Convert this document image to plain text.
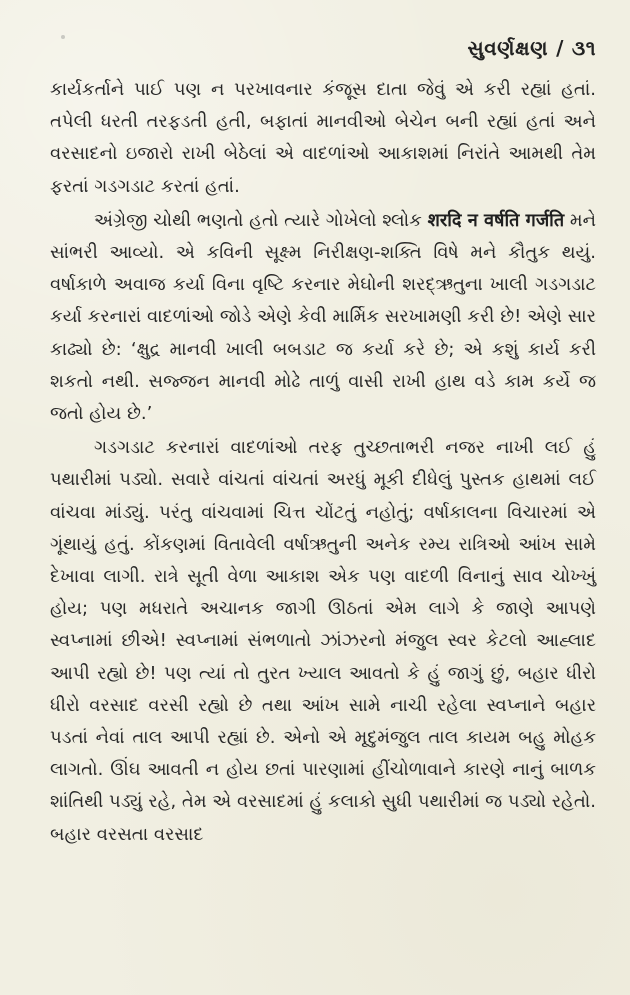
સુવર્ણક્ષણ / ૩૧

કાર્યકર્તાને પાઈ પણ ન પરખાવનાર કંજૂસ દાતા જેવું એ કરી રહ્યાં હતાં. તપેલી ધરતી તરફડતી હતી, બફાતાં માનવીઓ બેચેન બની રહ્યાં હતાં અને વરસાદનો ઇજારો રાખી બેઠેલાં એ વાદળાંઓ આકાશમાં નિરાંતે આમથી તેમ ફરતાં ગડગડાટ કરતાં હતાં.

અંગ્રેજી ચોથી ભણતો હતો ત્યારે ગોખેલો શ્લોક शरदि न वर्षति गर्जति મને સાંભરી આવ્યો. એ કવિની સૂક્ષ્મ નિરીક્ષણ-શક્તિ વિષે મને કૌતુક થયું. વર્ષાકાળે અવાજ કર્યા વિના વૃષ્ટિ કરનાર મેઘોની શરદ્ઋતુના ખાલી ગડગડાટ કર્યા કરનારાં વાદળાંઓ જોડે એણે કેવી માર્મિક સરખામણી કરી છે! એણે સાર કાઢ્યો છે: ‘ક્ષુદ્ર માનવી ખાલી બબડાટ જ કર્યા કરે છે; એ કશું કાર્ય કરી શકતો નથી. સજ્જન માનવી મોઢે તાળું વાસી રાખી હાથ વડે કામ કર્યે જ જતો હોય છે.’

ગડગડાટ કરનારાં વાદળાંઓ તરફ તુચ્છતાભરી નજર નાખી લઈ હું પથારીમાં પડ્યો. સવારે વાંચતાં વાંચતાં અરધું મૂકી દીધેલું પુસ્તક હાથમાં લઈ વાંચવા માંડ્યું. પરંતુ વાંચવામાં ચિત્ત ચોંટતું નહોતું; વર્ષાકાલના વિચારમાં એ ગૂંથાયું હતું. કોંકણમાં વિતાવેલી વર્ષાઋતુની અનેક રમ્ય રાત્રિઓ આંખ સામે દેખાવા લાગી. રાત્રે સૂતી વેળા આકાશ એક પણ વાદળી વિનાનું સાવ ચોખ્ખું હોય; પણ મધરાતે અચાનક જાગી ઊઠતાં એમ લાગે કે જાણે આપણે સ્વપ્નામાં છીએ! સ્વપ્નામાં સંભળાતો ઝાંઝરનો મંજુલ સ્વર કેટલો આહ્લાદ આપી રહ્યો છે! પણ ત્યાં તો તુરત ખ્યાલ આવતો કે હું જાગું છું, બહાર ધીરો ધીરો વરસાદ વરસી રહ્યો છે તથા આંખ સામે નાચી રહેલા સ્વપ્નાને બહાર પડતાં નેવાં તાલ આપી રહ્યાં છે. એનો એ મૃદુમંજુલ તાલ કાયમ બહુ મોહક લાગતો. ઊંઘ આવતી ન હોય છતાં પારણામાં હીંચોળાવાને કારણે નાનું બાળક શાંતિથી પડ્યું રહે, તેમ એ વરસાદમાં હું કલાકો સુધી પથારીમાં જ પડ્યો રહેતો. બહાર વરસતા વરસાદ
